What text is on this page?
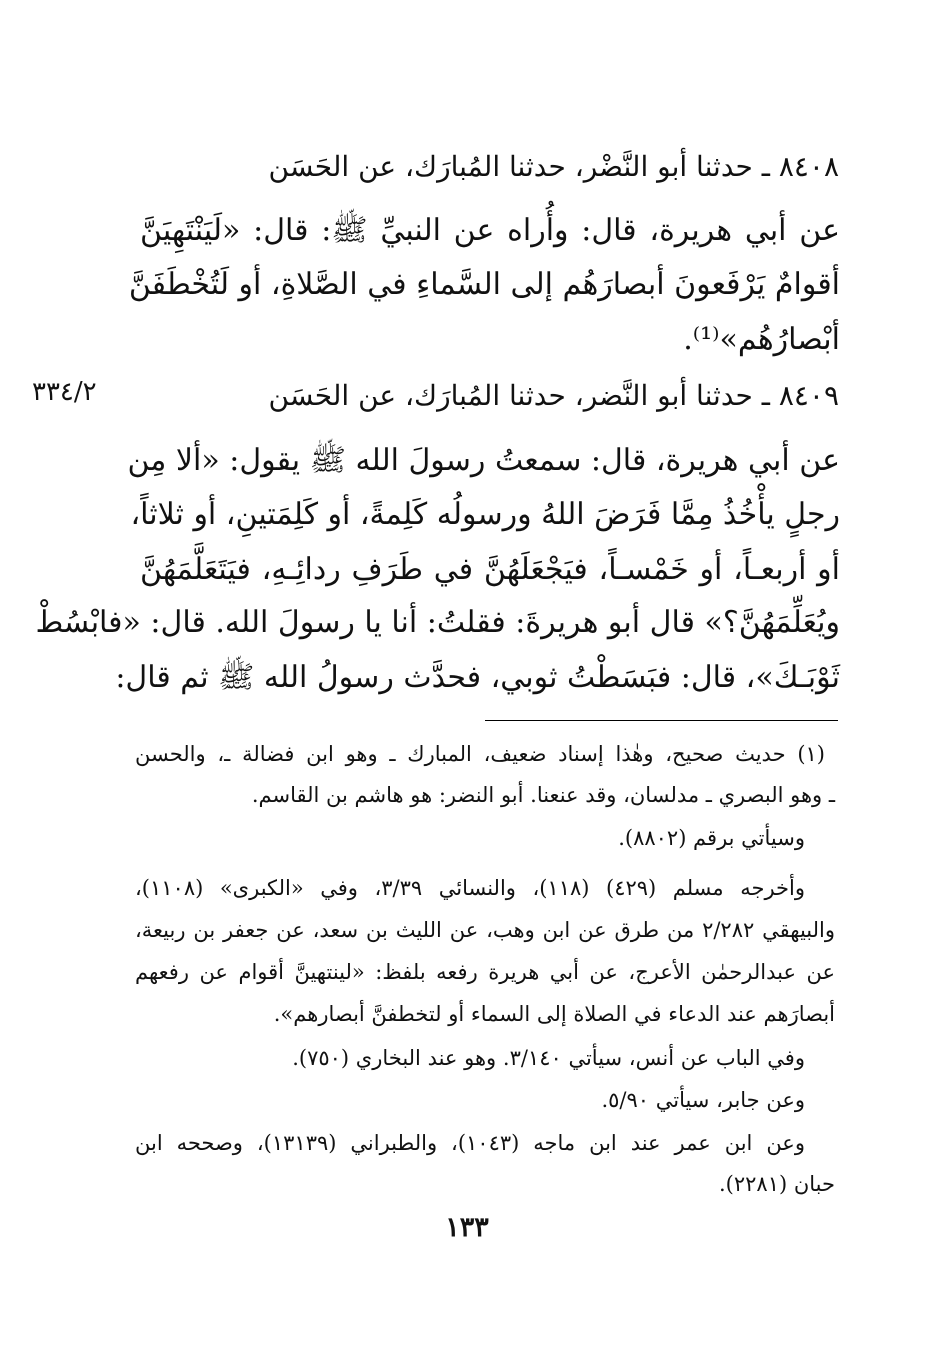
٨٤٠٨ ـ حدثنا أبو النَّضْر، حدثنا المُبارَك، عن الحَسَن
عن أبي هريرة، قال: وأُراه عن النبيِّ ﷺ: قال: «لَيَنْتَهِيَنَّ
أقوامٌ يَرْفَعونَ أبصارَهُم إلى السَّماءِ في الصَّلاةِ، أو لَتُخْطَفَنَّ
أبْصارُهُم»⁽¹⁾.
٣٣٤/٢	٨٤٠٩ ـ حدثنا أبو النَّضر، حدثنا المُبارَك، عن الحَسَن
عن أبي هريرة، قال: سمعتُ رسولَ الله ﷺ يقول: «ألا مِن
رجلٍ يأْخُذُ مِمَّا فَرَضَ اللهُ ورسولُه كَلِمةً، أو كَلِمَتينِ، أو ثلاثاً،
أو أربعـاً، أو خَمْسـاً، فيَجْعَلَهُنَّ في طَرَفِ ردائِـهِ، فيَتَعَلَّمَهُنَّ
ويُعَلِّمَهُنَّ؟» قال أبو هريرةَ: فقلتُ: أنا يا رسولَ الله. قال: «فابْسُطْ
ثَوْبَـكَ»، قال: فبَسَطْتُ ثوبي، فحدَّث رسولُ الله ﷺ ثم قال:
(١) حديث صحيح، وهٰذا إسناد ضعيف، المبارك ـ وهو ابن فضالة ـ، والحسن
ـ وهو البصري ـ مدلسان، وقد عنعنا. أبو النضر: هو هاشم بن القاسم.
وسيأتي برقم (٨٨٠٢).
وأخرجه مسلم (٤٢٩) (١١٨)، والنسائي ٣/٣٩، وفي «الكبرى» (١١٠٨)،
والبيهقي ٢/٢٨٢ من طرق عن ابن وهب، عن الليث بن سعد، عن جعفر بن ربيعة،
عن عبدالرحمٰن الأعرج، عن أبي هريرة رفعه بلفظ: «لينتهينَّ أقوام عن رفعهم
أبصارَهم عند الدعاء في الصلاة إلى السماء أو لتخطفنَّ أبصارهم».
وفي الباب عن أنس، سيأتي ٣/١٤٠. وهو عند البخاري (٧٥٠).
وعن جابر، سيأتي ٥/٩٠.
وعن ابن عمر عند ابن ماجه (١٠٤٣)، والطبراني (١٣١٣٩)، وصححه ابن
حبان (٢٢٨١).
١٣٣
